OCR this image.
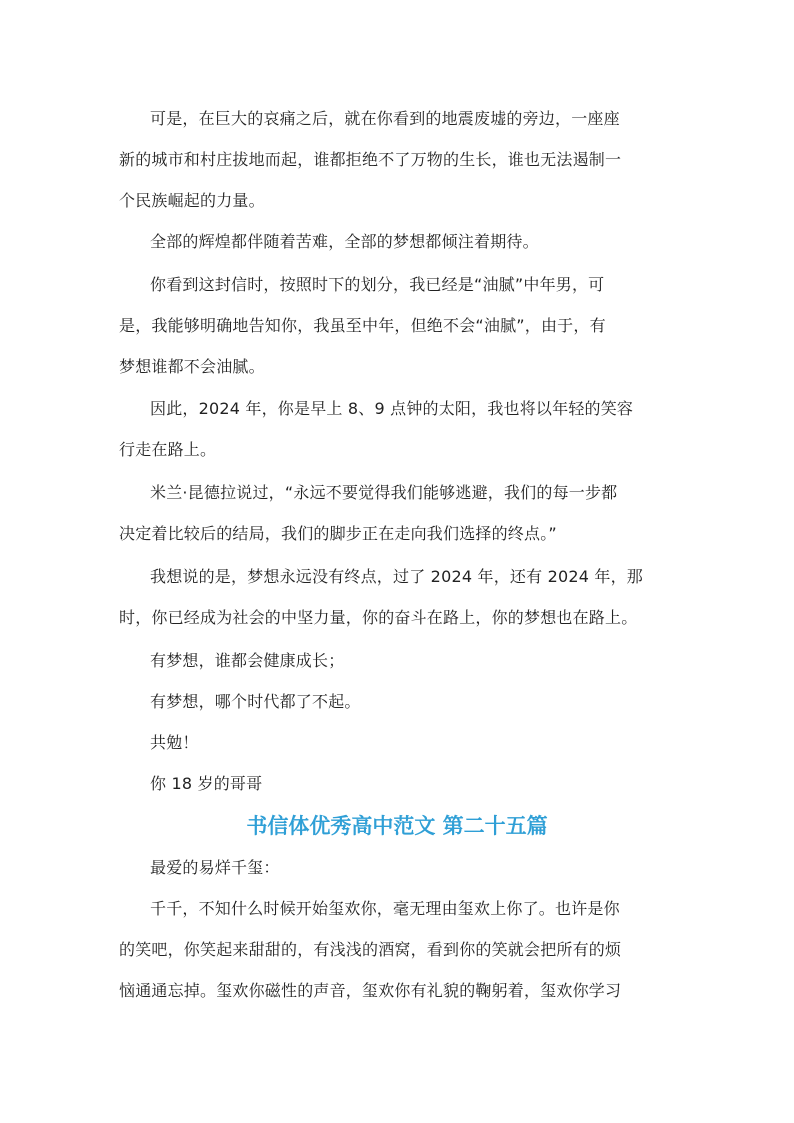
可是，在巨大的哀痛之后，就在你看到的地震废墟的旁边，一座座
新的城市和村庄拔地而起，谁都拒绝不了万物的生长，谁也无法遏制一
个民族崛起的力量。
全部的辉煌都伴随着苦难，全部的梦想都倾注着期待。
你看到这封信时，按照时下的划分，我已经是“油腻”中年男，可
是，我能够明确地告知你，我虽至中年，但绝不会“油腻”，由于，有
梦想谁都不会油腻。
因此，2024 年，你是早上 8、9 点钟的太阳，我也将以年轻的笑容
行走在路上。
米兰·昆德拉说过，“永远不要觉得我们能够逃避，我们的每一步都
决定着比较后的结局，我们的脚步正在走向我们选择的终点。”
我想说的是，梦想永远没有终点，过了 2024 年，还有 2024 年，那
时，你已经成为社会的中坚力量，你的奋斗在路上，你的梦想也在路上。
有梦想，谁都会健康成长；
有梦想，哪个时代都了不起。
共勉！
你 18 岁的哥哥
书信体优秀高中范文 第二十五篇
最爱的易烊千玺：
千千，不知什么时候开始玺欢你，毫无理由玺欢上你了。也许是你
的笑吧，你笑起来甜甜的，有浅浅的酒窝，看到你的笑就会把所有的烦
恼通通忘掉。玺欢你磁性的声音，玺欢你有礼貌的鞠躬着，玺欢你学习
